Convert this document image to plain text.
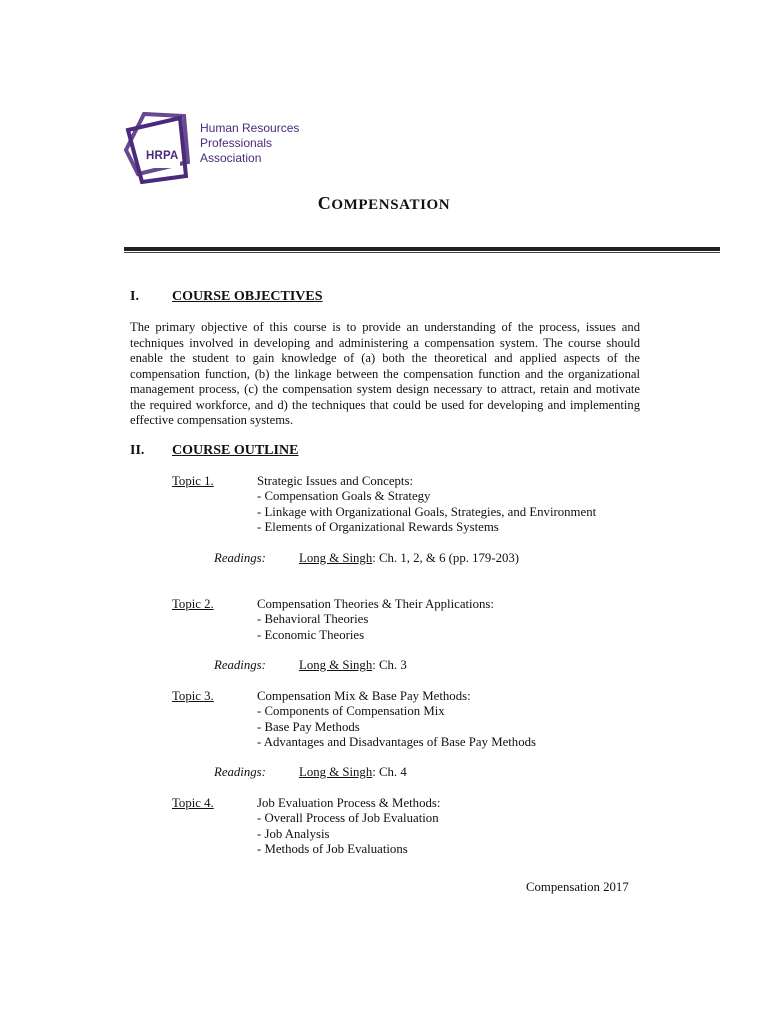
HRPA
Human Resources
Professionals
Association
COMPENSATION
I. COURSE OBJECTIVES
The primary objective of this course is to provide an understanding of the process, issues and techniques involved in developing and administering a compensation system. The course should enable the student to gain knowledge of (a) both the theoretical and applied aspects of the compensation function, (b) the linkage between the compensation function and the organizational management process, (c) the compensation system design necessary to attract, retain and motivate the required workforce, and d) the techniques that could be used for developing and implementing effective compensation systems.
II. COURSE OUTLINE
Topic 1.	Strategic Issues and Concepts:
- Compensation Goals & Strategy
- Linkage with Organizational Goals, Strategies, and Environment
- Elements of Organizational Rewards Systems
Readings:	Long & Singh: Ch. 1, 2, & 6 (pp. 179-203)
Topic 2.	Compensation Theories & Their Applications:
- Behavioral Theories
- Economic Theories
Readings:	Long & Singh: Ch. 3
Topic 3.	Compensation Mix & Base Pay Methods:
- Components of Compensation Mix
- Base Pay Methods
- Advantages and Disadvantages of Base Pay Methods
Readings:	Long & Singh: Ch. 4
Topic 4.	Job Evaluation Process & Methods:
- Overall Process of Job Evaluation
- Job Analysis
- Methods of Job Evaluations
Compensation 2017
